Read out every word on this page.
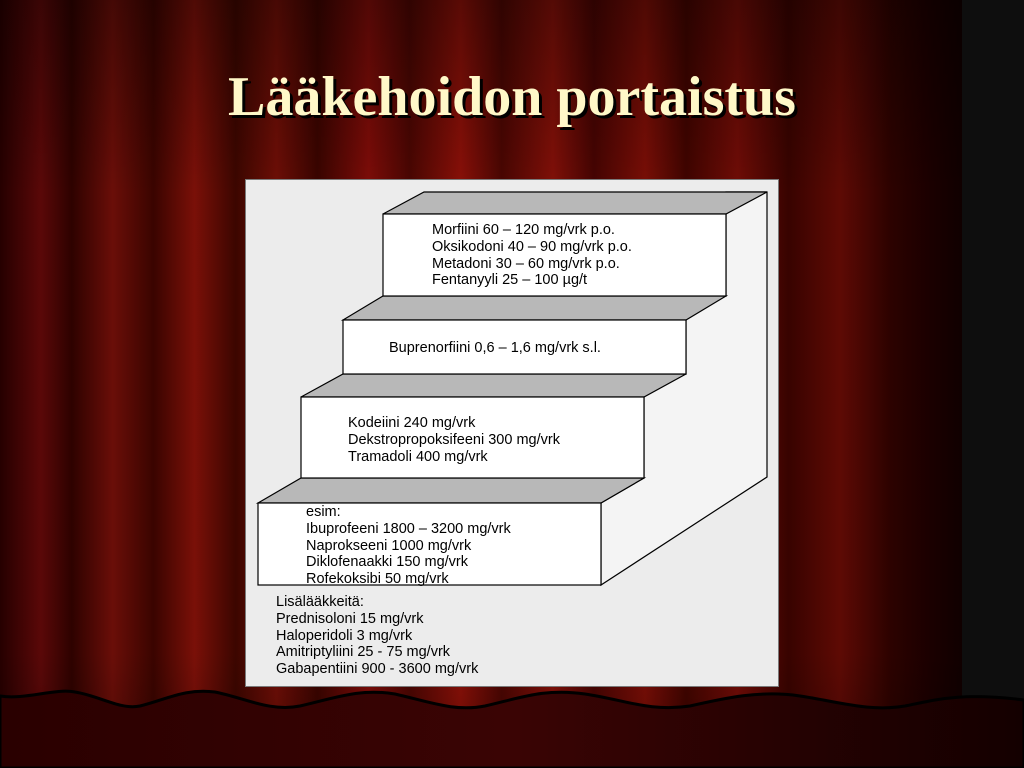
Lääkehoidon portaistus
Morfiini 60 – 120 mg/vrk p.o.
Oksikodoni 40 – 90 mg/vrk p.o.
Metadoni 30 – 60 mg/vrk p.o.
Fentanyyli 25 – 100 µg/t
Buprenorfiini 0,6 – 1,6 mg/vrk s.l.
Kodeiini 240 mg/vrk
Dekstropropoksifeeni 300 mg/vrk
Tramadoli 400 mg/vrk
esim:
Ibuprofeeni 1800 – 3200 mg/vrk
Naprokseeni 1000 mg/vrk
Diklofenaakki 150 mg/vrk
Rofekoksibi 50 mg/vrk
Lisälääkkeitä:
Prednisoloni 15 mg/vrk
Haloperidoli 3 mg/vrk
Amitriptyliini 25 - 75 mg/vrk
Gabapentiini 900 - 3600 mg/vrk
